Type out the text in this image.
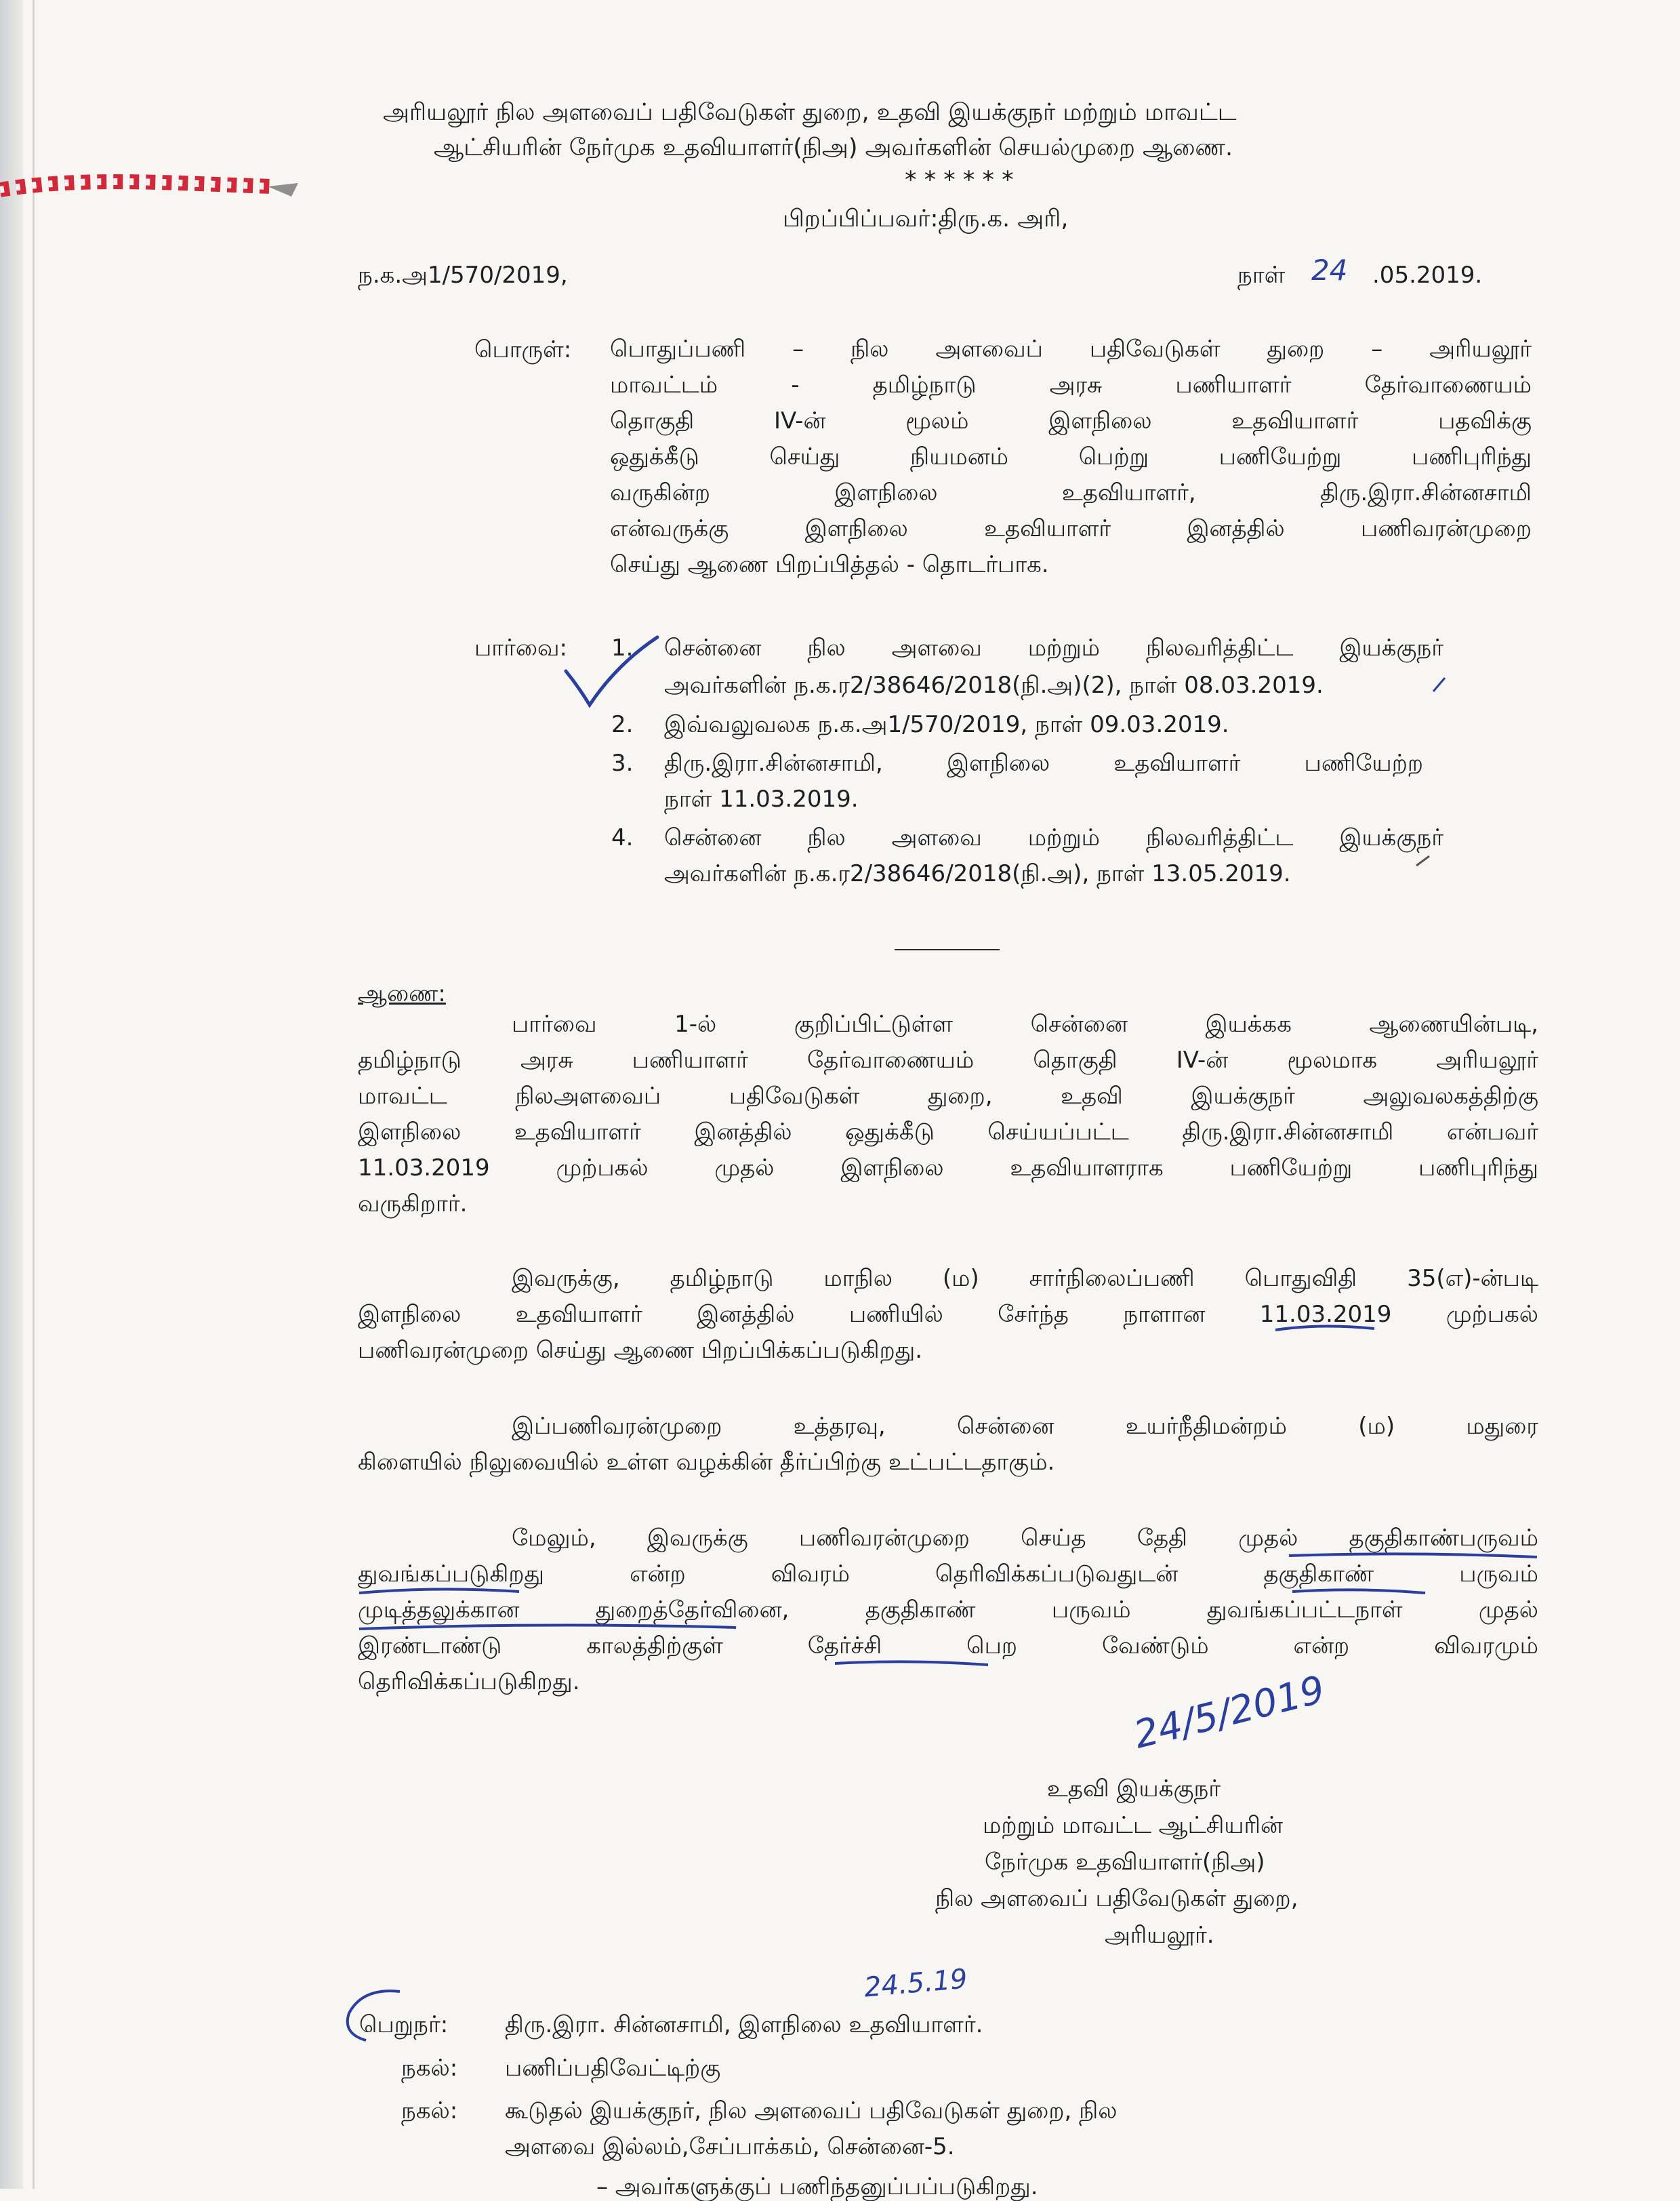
அரியலூர் நில அளவைப் பதிவேடுகள் துறை, உதவி இயக்குநர் மற்றும் மாவட்ட
ஆட்சியரின் நேர்முக உதவியாளர்(நிஅ) அவர்களின் செயல்முறை ஆணை.
* * * * * *
பிறப்பிப்பவர்:திரு.க. அரி,
ந.க.அ1/570/2019,	நாள் 24 .05.2019.
பொருள்: பொதுப்பணி – நில அளவைப் பதிவேடுகள் துறை – அரியலூர்
மாவட்டம் - தமிழ்நாடு அரசு பணியாளர் தேர்வாணையம்
தொகுதி IV-ன் மூலம் இளநிலை உதவியாளர் பதவிக்கு
ஒதுக்கீடு செய்து நியமனம் பெற்று பணியேற்று பணிபுரிந்து
வருகின்ற இளநிலை உதவியாளர், திரு.இரா.சின்னசாமி
என்வருக்கு இளநிலை உதவியாளர் இனத்தில் பணிவரன்முறை
செய்து ஆணை பிறப்பித்தல் - தொடர்பாக.
பார்வை: 1. சென்னை நில அளவை மற்றும் நிலவரித்திட்ட இயக்குநர்
அவர்களின் ந.க.ர2/38646/2018(நி.அ)(2), நாள் 08.03.2019.
2. இவ்வலுவலக ந.க.அ1/570/2019, நாள் 09.03.2019.
3. திரு.இரா.சின்னசாமி, இளநிலை உதவியாளர் பணியேற்ற
நாள் 11.03.2019.
4. சென்னை நில அளவை மற்றும் நிலவரித்திட்ட இயக்குநர்
அவர்களின் ந.க.ர2/38646/2018(நி.அ), நாள் 13.05.2019.
ஆணை:
பார்வை 1-ல் குறிப்பிட்டுள்ள சென்னை இயக்கக ஆணையின்படி,
தமிழ்நாடு அரசு பணியாளர் தேர்வாணையம் தொகுதி IV-ன் மூலமாக அரியலூர்
மாவட்ட நிலஅளவைப் பதிவேடுகள் துறை, உதவி இயக்குநர் அலுவலகத்திற்கு
இளநிலை உதவியாளர் இனத்தில் ஒதுக்கீடு செய்யப்பட்ட திரு.இரா.சின்னசாமி என்பவர்
11.03.2019 முற்பகல் முதல் இளநிலை உதவியாளராக பணியேற்று பணிபுரிந்து
வருகிறார்.
இவருக்கு, தமிழ்நாடு மாநில (ம) சார்நிலைப்பணி பொதுவிதி 35(எ)-ன்படி
இளநிலை உதவியாளர் இனத்தில் பணியில் சேர்ந்த நாளான 11.03.2019 முற்பகல்
பணிவரன்முறை செய்து ஆணை பிறப்பிக்கப்படுகிறது.
இப்பணிவரன்முறை உத்தரவு, சென்னை உயர்நீதிமன்றம் (ம) மதுரை
கிளையில் நிலுவையில் உள்ள வழக்கின் தீர்ப்பிற்கு உட்பட்டதாகும்.
மேலும், இவருக்கு பணிவரன்முறை செய்த தேதி முதல் தகுதிகாண்பருவம்
துவங்கப்படுகிறது என்ற விவரம் தெரிவிக்கப்படுவதுடன் தகுதிகாண் பருவம்
முடித்தலுக்கான துறைத்தேர்வினை, தகுதிகாண் பருவம் துவங்கப்பட்டநாள் முதல்
இரண்டாண்டு காலத்திற்குள் தேர்ச்சி பெற வேண்டும் என்ற விவரமும்
தெரிவிக்கப்படுகிறது.	24/5/2019
உதவி இயக்குநர்
மற்றும் மாவட்ட ஆட்சியரின்
நேர்முக உதவியாளர்(நிஅ)
நில அளவைப் பதிவேடுகள் துறை,
அரியலூர்.
24.5.19
பெறுநர்: திரு.இரா. சின்னசாமி, இளநிலை உதவியாளர்.
நகல்: பணிப்பதிவேட்டிற்கு
நகல்: கூடுதல் இயக்குநர், நில அளவைப் பதிவேடுகள் துறை, நில
அளவை இல்லம்,சேப்பாக்கம், சென்னை-5.
– அவர்களுக்குப் பணிந்தனுப்பப்படுகிறது.
